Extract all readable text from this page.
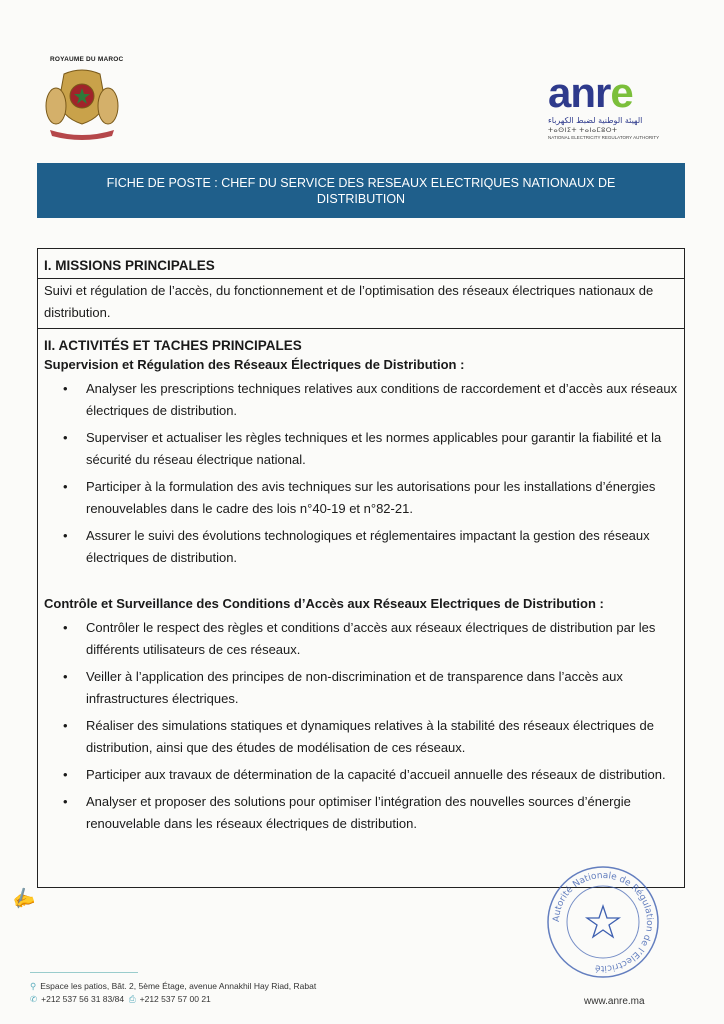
ROYAUME DU MAROC
anre
الهيئة الوطنية لضبط الكهرباء
ⵜⴰⵙⵏⵉⵜ ⵜⴰⵏⴰⵎⵓⵔⵜ
NATIONAL ELECTRICITY REGULATORY AUTHORITY
FICHE DE POSTE : CHEF DU SERVICE DES RESEAUX ELECTRIQUES NATIONAUX DE DISTRIBUTION
I. MISSIONS PRINCIPALES
Suivi et régulation de l’accès, du fonctionnement et de l’optimisation des réseaux électriques nationaux de distribution.
II. ACTIVITÉS ET TACHES PRINCIPALES
Supervision et Régulation des Réseaux Électriques de Distribution :
• Analyser les prescriptions techniques relatives aux conditions de raccordement et d’accès aux réseaux électriques de distribution.
• Superviser et actualiser les règles techniques et les normes applicables pour garantir la fiabilité et la sécurité du réseau électrique national.
• Participer à la formulation des avis techniques sur les autorisations pour les installations d’énergies renouvelables dans le cadre des lois n°40-19 et n°82-21.
• Assurer le suivi des évolutions technologiques et réglementaires impactant la gestion des réseaux électriques de distribution.
Contrôle et Surveillance des Conditions d’Accès aux Réseaux Electriques de Distribution :
• Contrôler le respect des règles et conditions d’accès aux réseaux électriques de distribution par les différents utilisateurs de ces réseaux.
• Veiller à l’application des principes de non-discrimination et de transparence dans l’accès aux infrastructures électriques.
• Réaliser des simulations statiques et dynamiques relatives à la stabilité des réseaux électriques de distribution, ainsi que des études de modélisation de ces réseaux.
• Participer aux travaux de détermination de la capacité d’accueil annuelle des réseaux de distribution.
• Analyser et proposer des solutions pour optimiser l’intégration des nouvelles sources d’énergie renouvelable dans les réseaux électriques de distribution.
✍
Autorité Nationale de Régulation de l’Electricité
⚲ Espace les patios, Bât. 2, 5ème Étage, avenue Annakhil Hay Riad, Rabat
✆ +212 537 56 31 83/84 ⎙ +212 537 57 00 21	www.anre.ma
